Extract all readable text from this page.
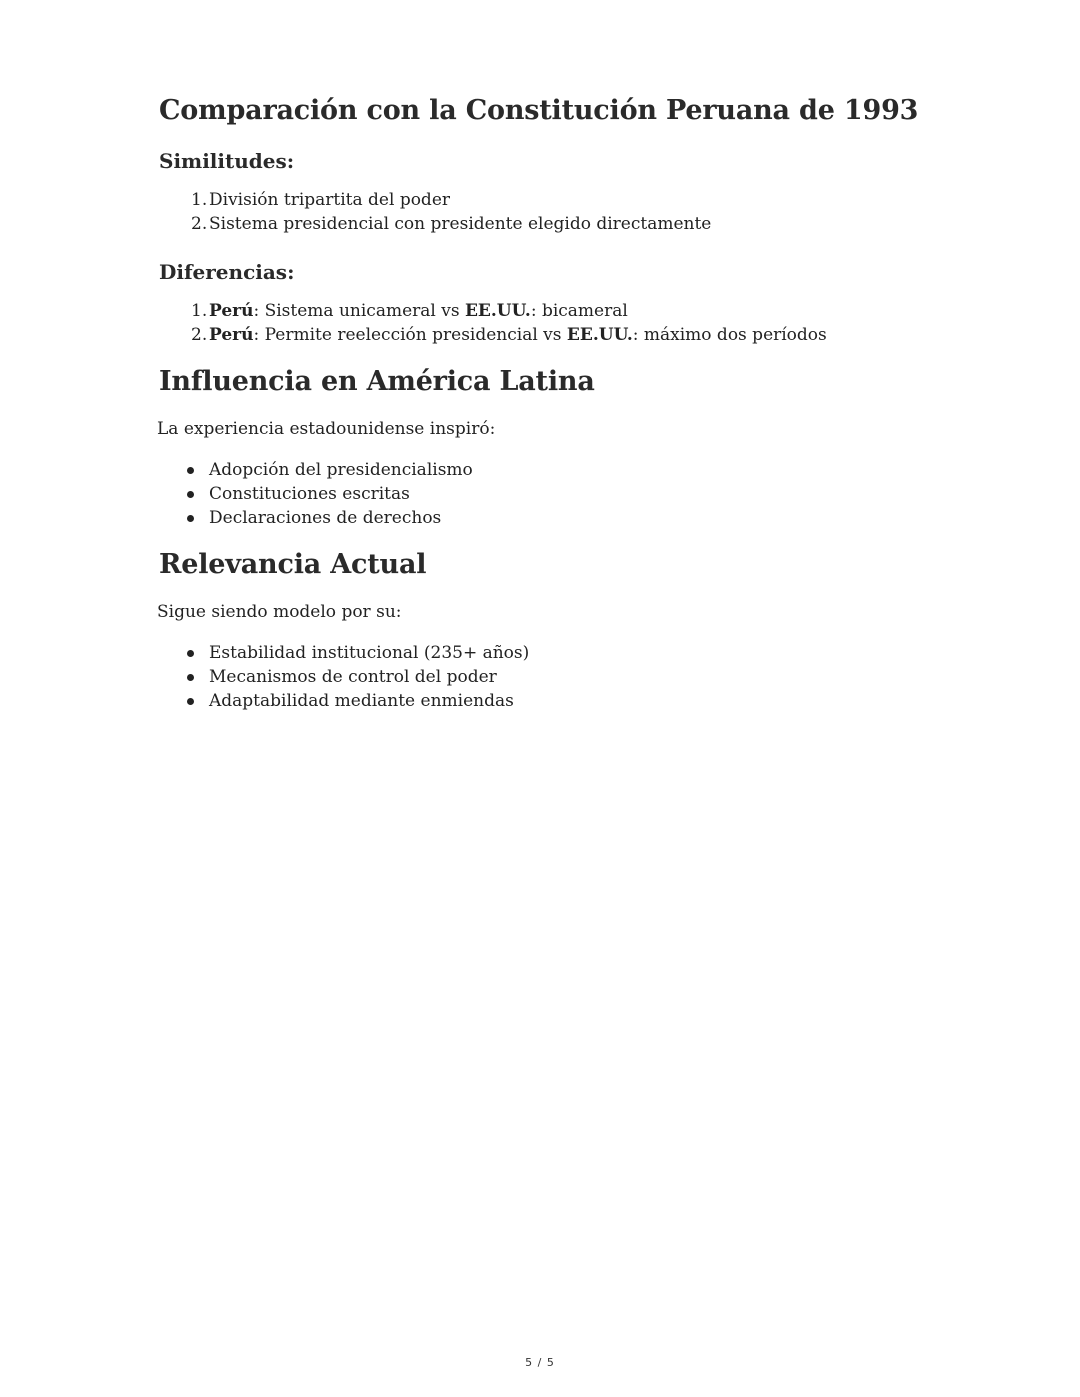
Comparación con la Constitución Peruana de 1993
Similitudes:
1. División tripartita del poder
2. Sistema presidencial con presidente elegido directamente
Diferencias:
1. Perú: Sistema unicameral vs EE.UU.: bicameral
2. Perú: Permite reelección presidencial vs EE.UU.: máximo dos períodos
Influencia en América Latina

La experiencia estadounidense inspiró:

Adopción del presidencialismo
Constituciones escritas
Declaraciones de derechos
Relevancia Actual

Sigue siendo modelo por su:

Estabilidad institucional (235+ años)
Mecanismos de control del poder
Adaptabilidad mediante enmiendas
5 / 5
